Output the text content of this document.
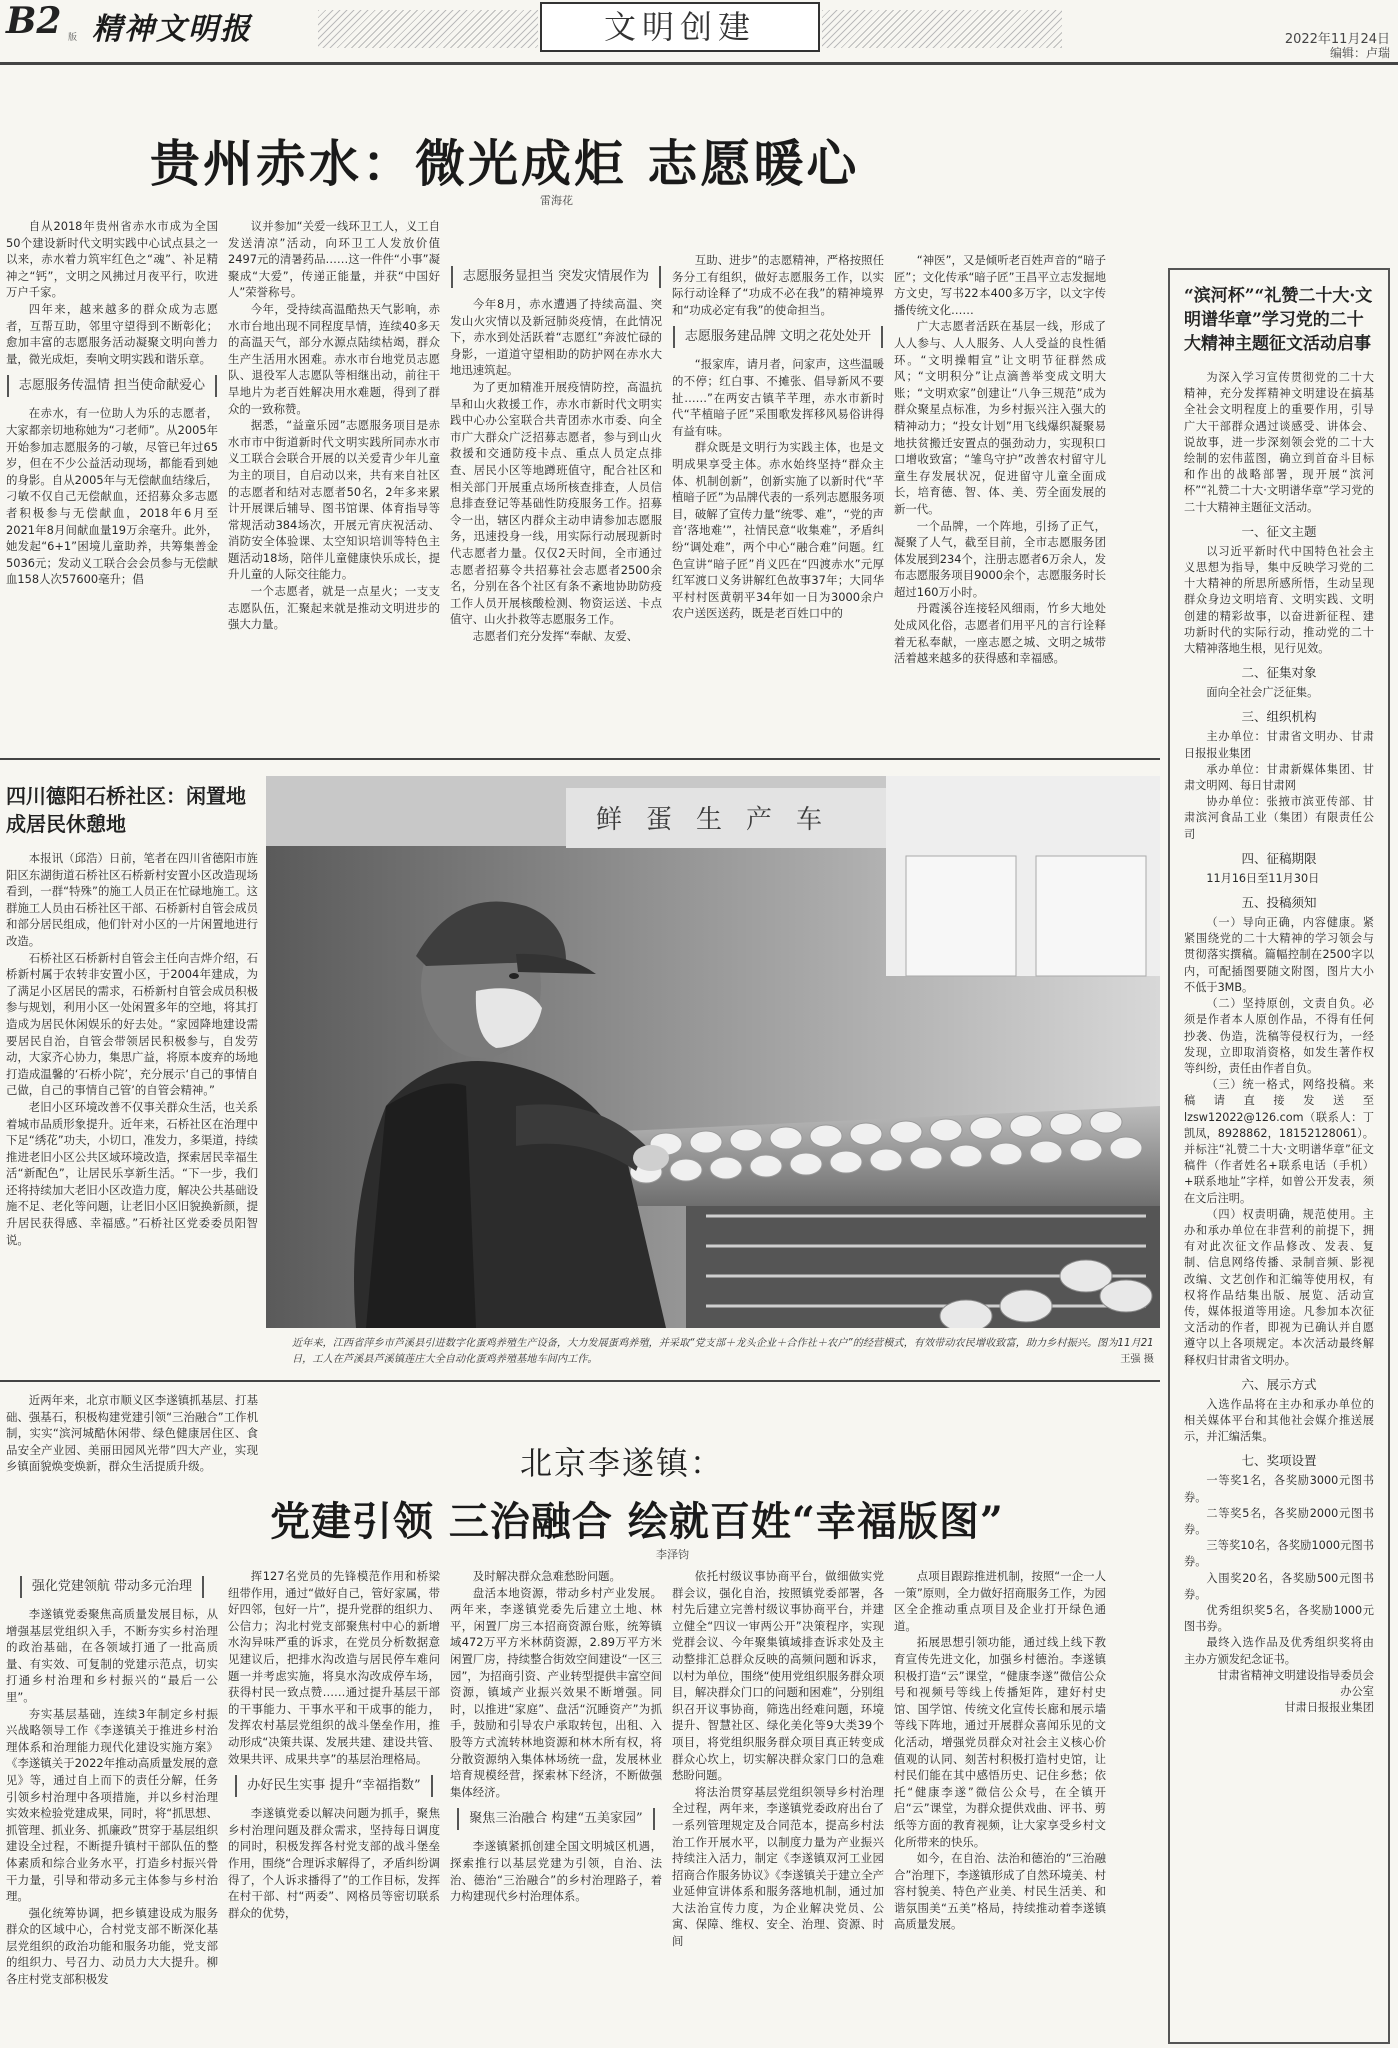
B2 版 精神文明报	文明创建	2022年11月24日
编辑：卢瑞
贵州赤水：微光成炬 志愿暖心
雷海花

自从2018年贵州省赤水市成为全国50个建设新时代文明实践中心试点县之一以来，赤水着力筑牢红色之“魂”、补足精神之“钙”，文明之风拂过月夜平行，吹进万户千家。

四年来，越来越多的群众成为志愿者，互帮互助，邻里守望得到不断彰化；愈加丰富的志愿服务活动凝聚文明向善力量，微光成炬，奏响文明实践和谐乐章。

志愿服务传温情 担当使命献爱心

在赤水，有一位助人为乐的志愿者，大家都亲切地称她为“刁老师”。从2005年开始参加志愿服务的刁敏，尽管已年过65岁，但在不少公益活动现场，都能看到她的身影。自从2005年与无偿献血结缘后，刁敏不仅自己无偿献血，还招募众多志愿者积极参与无偿献血，2018年6月至2021年8月间献血量19万余毫升。此外，她发起“6+1”困境儿童助养，共筹集善金5036元；发动义工联合会会员参与无偿献血158人次57600毫升；倡

议并参加“关爱一线环卫工人，义工自发送清凉”活动，向环卫工人发放价值2497元的清暑药品……这一件件“小事”凝聚成“大爱”，传递正能量，并获“中国好人”荣誉称号。

今年，受持续高温酷热天气影响，赤水市台地出现不同程度旱情，连续40多天的高温天气，部分水源点陆续枯竭，群众生产生活用水困难。赤水市台地党员志愿队、退役军人志愿队等相继出动，前往干旱地片为老百姓解决用水难题，得到了群众的一致称赞。

据悉，“益童乐园”志愿服务项目是赤水市市中街道新时代文明实践所同赤水市义工联合会联合开展的以关爱青少年儿童为主的项目，自启动以来，共有来自社区的志愿者和结对志愿者50名，2年多来累计开展课后辅导、图书馆课、体育指导等常规活动384场次，开展元宵庆祝活动、消防安全体验课、太空知识培训等特色主题活动18场，陪伴儿童健康快乐成长，提升儿童的人际交往能力。

一个志愿者，就是一点星火；一支支志愿队伍，汇聚起来就是推动文明进步的强大力量。

志愿服务显担当 突发灾情展作为

今年8月，赤水遭遇了持续高温、突发山火灾情以及新冠肺炎疫情，在此情况下，赤水到处活跃着“志愿红”奔波忙碌的身影，一道道守望相助的防护网在赤水大地迅速筑起。

为了更加精准开展疫情防控，高温抗旱和山火救援工作，赤水市新时代文明实践中心办公室联合共青团赤水市委、向全市广大群众广泛招募志愿者，参与到山火救援和交通防疫卡点、重点人员定点排查、居民小区等地蹲班值守，配合社区和相关部门开展重点场所核查排查，人员信息排查登记等基础性防疫服务工作。招募令一出，辖区内群众主动申请参加志愿服务，迅速投身一线，用实际行动展现新时代志愿者力量。仅仅2天时间，全市通过志愿者招募令共招募社会志愿者2500余名，分别在各个社区有条不紊地协助防疫工作人员开展核酸检测、物资运送、卡点值守、山火扑救等志愿服务工作。

志愿者们充分发挥“奉献、友爱、

互助、进步”的志愿精神，严格按照任务分工有组织，做好志愿服务工作，以实际行动诠释了“功成不必在我”的精神境界和“功成必定有我”的使命担当。

志愿服务建品牌 文明之花处处开

“报家库，请月者，问家声，这些温暖的不停；红白事、不摊张、倡导新风不要扯……”在两安古镇芊芊理，赤水市新时代“芊植暗子匠”采围歌发挥移风易俗讲得有益有味。

群众既是文明行为实践主体，也是文明成果享受主体。赤水始终坚持“群众主体、机制创新”，创新实施了以新时代“芊植暗子匠”为品牌代表的一系列志愿服务项目，破解了宣传力量“统零、难”，“党的声音‘落地难’”，社情民意“收集难”，矛盾纠纷“调处难”，两个中心“融合难”问题。红色宣讲“暗子匠”肖义匹在“四渡赤水”元厚红军渡口义务讲解红色故事37年；大同华平村村医黄朝平34年如一日为3000余户农户送医送药，既是老百姓口中的

“神医”，又是倾听老百姓声音的“暗子匠”；文化传承“暗子匠”王昌平立志发掘地方文史，写书22本400多万字，以文字传播传统文化……

广大志愿者活跃在基层一线，形成了人人参与、人人服务、人人受益的良性循环。“文明操帽宣”让文明节征群然成风；“文明积分”让点滴善举变成文明大账；“文明欢家”创建让“八争三规范”成为群众聚星点标准，为乡村振兴注入强大的精神动力；“投女计划”用飞线爆织凝聚易地扶贫搬迁安置点的强劲动力，实现积口口增收致富；“雏鸟守护”改善农村留守儿童生存发展状况，促进留守儿童全面成长，培育德、智、体、美、劳全面发展的新一代。

一个品牌，一个阵地，引扬了正气，凝聚了人气，截至目前，全市志愿服务团体发展到234个，注册志愿者6万余人，发布志愿服务项目9000余个，志愿服务时长超过160万小时。

丹霞溪谷连接轻风细雨，竹乡大地处处成风化俗，志愿者们用平凡的言行诠释着无私奉献，一座志愿之城、文明之城带活着越来越多的获得感和幸福感。

“滨河杯”“礼赞二十大·文明谱华章”学习党的二十大精神主题征文活动启事

为深入学习宣传贯彻党的二十大精神，充分发挥精神文明建设在搞基全社会文明程度上的重要作用，引导广大干部群众遇过谈感受、讲体会、说故事，进一步深刻领会党的二十大绘制的宏伟蓝图，确立到首奋斗目标和作出的战略部署，现开展“滨河杯”“礼赞二十大·文明谱华章”学习党的二十大精神主题征文活动。

一、征文主题

以习近平新时代中国特色社会主义思想为指导，集中反映学习党的二十大精神的所思所感所悟，生动呈现群众身边文明培育、文明实践、文明创建的精彩故事，以奋进新征程、建功新时代的实际行动，推动党的二十大精神落地生根，见行见效。

二、征集对象

面向全社会广泛征集。

三、组织机构

主办单位：甘肃省文明办、甘肃日报报业集团

承办单位：甘肃新媒体集团、甘肃文明网、每日甘肃网

协办单位：张掖市滨亚传部、甘肃滨河食品工业（集团）有限责任公司

四、征稿期限

11月16日至11月30日

五、投稿须知

（一）导向正确，内容健康。紧紧围绕党的二十大精神的学习领会与贯彻落实撰稿。篇幅控制在2500字以内，可配插图要随文附图，图片大小不低于3MB。

（二）坚持原创，文责自负。必须是作者本人原创作品，不得有任何抄袭、伪造，洗稿等侵权行为，一经发现，立即取消资格，如发生著作权等纠纷，责任由作者自负。

（三）统一格式，网络投稿。来稿请直接发送至lzsw12022@126.com（联系人：丁凯凤，8928862，18152128061）。并标注“礼赞二十大·文明谱华章”征文稿件（作者姓名+联系电话（手机）+联系地址”字样，如曾公开发表，须在文后注明。

（四）权责明确，规范使用。主办和承办单位在非营利的前提下，拥有对此次征文作品修改、发表、复制、信息网络传播、录制音频、影视改编、文艺创作和汇编等使用权，有权将作品结集出版、展览、活动宣传，媒体报道等用途。凡参加本次征文活动的作者，即视为已确认并自愿遵守以上各项规定。本次活动最终解释权归甘肃省文明办。

六、展示方式

入选作品将在主办和承办单位的相关媒体平台和其他社会媒介推送展示，并汇编活集。

七、奖项设置

一等奖1名，各奖励3000元图书券。

二等奖5名，各奖励2000元图书券。

三等奖10名，各奖励1000元图书券。

入围奖20名，各奖励500元图书券。

优秀组织奖5名，各奖励1000元图书券。

最终入选作品及优秀组织奖将由主办方颁发纪念证书。

甘肃省精神文明建设指导委员会办公室

甘肃日报报业集团

四川德阳石桥社区：闲置地成居民休憩地

本报讯（邱浩）日前，笔者在四川省德阳市旌阳区东湖街道石桥社区石桥新村安置小区改造现场看到，一群“特殊”的施工人员正在忙碌地施工。这群施工人员由石桥社区干部、石桥新村自管会成员和部分居民组成，他们针对小区的一片闲置地进行改造。

石桥社区石桥新村自管会主任向吉烨介绍，石桥新村属于农转非安置小区，于2004年建成，为了满足小区居民的需求，石桥新村自管会成员积极参与规划，利用小区一处闲置多年的空地，将其打造成为居民休闲娱乐的好去处。“家园降地建设需要居民自治，自管会带领居民积极参与，自发劳动，大家齐心协力，集思广益，将原本废弃的场地打造成温馨的‘石桥小院’，充分展示‘自己的事情自己做，自己的事情自己管’的自管会精神。”

老旧小区环境改善不仅事关群众生活，也关系着城市品质形象提升。近年来，石桥社区在治理中下足“绣花”功夫，小切口，准发力，多渠道，持续推进老旧小区公共区域环境改造，探索居民幸福生活“新配色”，让居民乐享新生活。“下一步，我们还将持续加大老旧小区改造力度，解决公共基础设施不足、老化等问题，让老旧小区旧貌换新颜，提升居民获得感、幸福感。”石桥社区党委委员阳智说。

鲜 蛋 生 产 车
近年来，江西省萍乡市芦溪县引进数字化蛋鸡养殖生产设备，大力发展蛋鸡养殖，并采取“党支部＋龙头企业＋合作社＋农户”的经营模式，有效带动农民增收致富，助力乡村振兴。图为11月21日，工人在芦溪县芦溪镇莲庄大全自动化蛋鸡养殖基地车间内工作。	王强 摄

近两年来，北京市顺义区李遂镇抓基层、打基础、强基石，积极构建党建引领“三治融合”工作机制，实实“滨河城酷休闲带、绿色健康居住区、食品安全产业园、美丽田园风光带”四大产业，实现乡镇面貌焕变焕新，群众生活提质升级。	北京李遂镇：
党建引领 三治融合 绘就百姓“幸福版图”
李泽钧
强化党建领航 带动多元治理

李遂镇党委聚焦高质量发展目标，从增强基层党组织入手，不断夯实乡村治理的政治基础，在各领域打通了一批高质量、有实效、可复制的党建示范点，切实打通乡村治理和乡村振兴的“最后一公里”。

夯实基层基础，连续3年制定乡村振兴战略领导工作《李遂镇关于推进乡村治理体系和治理能力现代化建设实施方案》《李遂镇关于2022年推动高质量发展的意见》等，通过自上而下的责任分解，任务引领乡村治理中各项措施，并以乡村治理实效来检验党建成果，同时，将“抓思想、抓管理、抓业务、抓廉政”贯穿于基层组织建设全过程，不断提升镇村干部队伍的整体素质和综合业务水平，打造乡村振兴骨干力量，引导和带动多元主体参与乡村治理。

强化统筹协调，把乡镇建设成为服务群众的区域中心，合村党支部不断深化基层党组织的政治功能和服务功能，党支部的组织力、号召力、动员力大大提升。柳各庄村党支部积极发

挥127名党员的先锋模范作用和桥梁纽带作用，通过“做好自己，管好家属，带好四邻，包好一片”，提升党群的组织力、公信力；沟北村党支部聚焦村中心的新增水沟异味严重的诉求，在党员分析数据意见建议后，把排水沟改造与居民停车难问题一并考虑实施，将臭水沟改成停车场，获得村民一致点赞……通过提升基层干部的干事能力、干事水平和干成事的能力，发挥农村基层党组织的战斗堡垒作用，推动形成“决策共谋、发展共建、建设共管、效果共评、成果共享”的基层治理格局。

办好民生实事 提升“幸福指数”

李遂镇党委以解决问题为抓手，聚焦乡村治理问题及群众需求，坚持每日调度的同时，积极发挥各村党支部的战斗堡垒作用，围绕“合理诉求解得了，矛盾纠纷调得了，个人诉求播得了”的工作目标，发挥在村干部、村“两委”、网格员等密切联系群众的优势，

及时解决群众急难愁盼问题。

盘活本地资源，带动乡村产业发展。两年来，李遂镇党委先后建立土地、林平，闲置厂房三本招商资源台账，统筹镇域472万平方米林荫资源，2.89万平方米闲置厂房，持续整合街效空间建设“一区三园”，为招商引资、产业转型提供丰富空间资源，镇域产业振兴效果不断增强。同时，以推进“家庭”、盘活“沉睡资产”为抓手，鼓励和引导农户承取转包，出租、入股等方式流转林地资源和林木所有权，将分散资源纳入集体林场统一盘，发展林业培育规模经营，探索林下经济，不断做强集体经济。

聚焦三治融合 构建“五美家园”

李遂镇紧抓创建全国文明城区机遇，探索推行以基层党建为引领，自治、法治、德治“三治融合”的乡村治理路子，着力构建现代乡村治理体系。

依托村级议事协商平台，做细做实党群会议，强化自治，按照镇党委部署，各村先后建立完善村级议事协商平台，并建立健全“四议一审两公开”决策程序，实现党群会议、今年聚集镇域排查诉求处及主动整排汇总群众反映的高频问题和诉求，以村为单位，围绕“使用党组织服务群众项目，解决群众门口的问题和困难”，分别组织召开议事协商，筛选出经难问题，环境提升、智慧社区、绿化美化等9大类39个项目，将党组织服务群众项目真正转变成群众心坎上，切实解决群众家门口的急难愁盼问题。

将法治贯穿基层党组织领导乡村治理全过程，两年来，李遂镇党委政府出台了一系列管理规定及合同范本，提高乡村法治工作开展水平，以制度力量为产业振兴持续注入活力，制定《李遂镇双河工业园招商合作服务协议》《李遂镇关于建立全产业延伸宣讲体系和服务落地机制，通过加大法治宣传力度，为企业解决党员、公寓、保障、维权、安全、治理、资源、时间

点项目跟踪推进机制，按照“一企一人一策”原则，全力做好招商服务工作，为园区全企推动重点项目及企业打开绿色通道。

拓展思想引领功能，通过线上线下教育宣传先进文化，加强乡村德治。李遂镇积极打造“云”课堂，“健康李遂”微信公众号和视频号等线上传播矩阵，建好村史馆、国学馆、传统文化宣传长廊和展示墙等线下阵地，通过开展群众喜闻乐见的文化活动，增强党员群众对社会主义核心价值观的认同、刻苦村积极打造村史馆，让村民们能在其中感悟历史、记住乡愁；依托“健康李遂”微信公众号，在全镇开启“云”课堂，为群众提供戏曲、评书、剪纸等方面的教育视频，让大家享受乡村文化所带来的快乐。

如今，在自治、法治和德治的“三治融合”治理下，李遂镇形成了自然环境美、村容村貌美、特色产业美、村民生活美、和谐氛围美“五美”格局，持续推动着李遂镇高质量发展。
